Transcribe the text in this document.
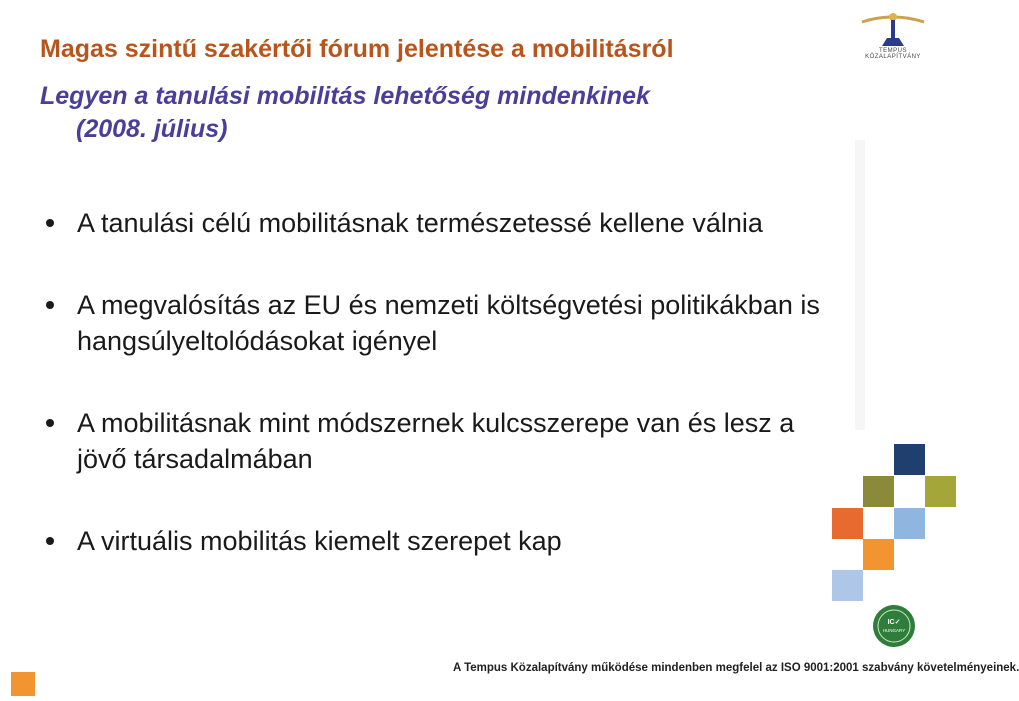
Magas szintű szakértői fórum jelentése a mobilitásról
Legyen a tanulási mobilitás lehetőség mindenkinek
(2008. július)
A tanulási célú mobilitásnak természetessé kellene válnia
A megvalósítás az EU és nemzeti költségvetési politikákban is hangsúlyeltolódásokat igényel
A mobilitásnak mint módszernek kulcsszerepe van és lesz a jövő társadalmában
A virtuális mobilitás kiemelt szerepet kap
TEMPUS KÖZALAPÍTVÁNY
IC✓
HUNGARY
A Tempus Közalapítvány működése mindenben megfelel az ISO 9001:2001 szabvány követelményeinek.
